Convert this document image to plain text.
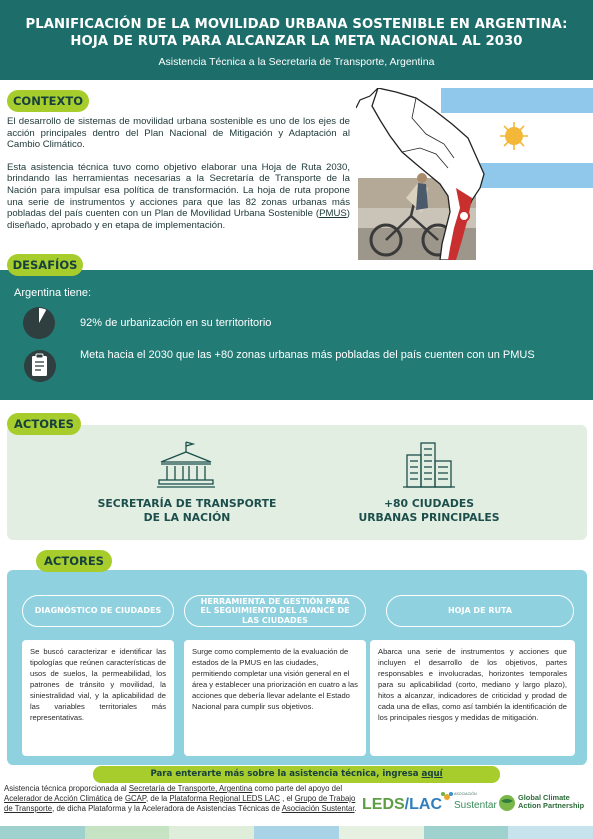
PLANIFICACIÓN DE LA MOVILIDAD URBANA SOSTENIBLE EN ARGENTINA:
HOJA DE RUTA PARA ALCANZAR LA META NACIONAL AL 2030
Asistencia Técnica a la Secretaria de Transporte, Argentina
CONTEXTO

El desarrollo de sistemas de movilidad urbana sostenible es uno de los ejes de acción principales dentro del Plan Nacional de Mitigación y Adaptación al Cambio Climático.

Esta asistencia técnica tuvo como objetivo elaborar una Hoja de Ruta 2030, brindando las herramientas necesarias a la Secretaría de Transporte de la Nación para impulsar esa política de transformación. La hoja de ruta propone una serie de instrumentos y acciones para que las 82 zonas urbanas más pobladas del país cuenten con un Plan de Movilidad Urbana Sostenible (PMUS) diseñado, aprobado y en etapa de implementación.

DESAFÍOS
Argentina tiene:
92% de urbanización en su territoritorio
Meta hacia el 2030 que las +80 zonas urbanas más pobladas del país cuenten con un PMUS
SECRETARÍA DE TRANSPORTE
DE LA NACIÓN
+80 CIUDADES
URBANAS PRINCIPALES
ACTORES
ACTORES
DIAGNÓSTICO DE CIUDADES
HERRAMIENTA DE GESTIÓN PARA EL SEGUIMIENTO DEL AVANCE DE LAS CIUDADES
HOJA DE RUTA
Se buscó caracterizar e identificar las tipologías que reúnen características de usos de suelos, la permeabilidad, los patrones de tránsito y movilidad, la siniestralidad vial, y la aplicabilidad de las variables territoriales más representativas.
Surge como complemento de la evaluación de estados de la PMUS en las ciudades, permitiendo completar una visión general en el área y establecer una priorización en cuatro a las acciones que debería llevar adelante el Estado Nacional para cumplir sus objetivos.
Abarca una serie de instrumentos y acciones que incluyen el desarrollo de los objetivos, partes responsables e involucradas, horizontes temporales para su aplicabilidad (corto, mediano y largo plazo), hitos a alcanzar, indicadores de criticidad y prodad de cada una de ellas, como así también la identificación de los principales riesgos y medidas de mitigación.
Para enterarte más sobre la asistencia técnica, ingresa aquí
Asistencia técnica proporcionada al Secretaría de Transporte, Argentina como parte del apoyo del Acelerador de Acción Climática de GCAP, de la Plataforma Regional LEDS LAC , el Grupo de Trabajo de Transporte, de dicha Plataforma y la Aceleradora de Asistencias Técnicas de Asociación Sustentar. LEDS/LAC
ASOCIACIÓN
Sustentar
Global Climate
Action Partnership
